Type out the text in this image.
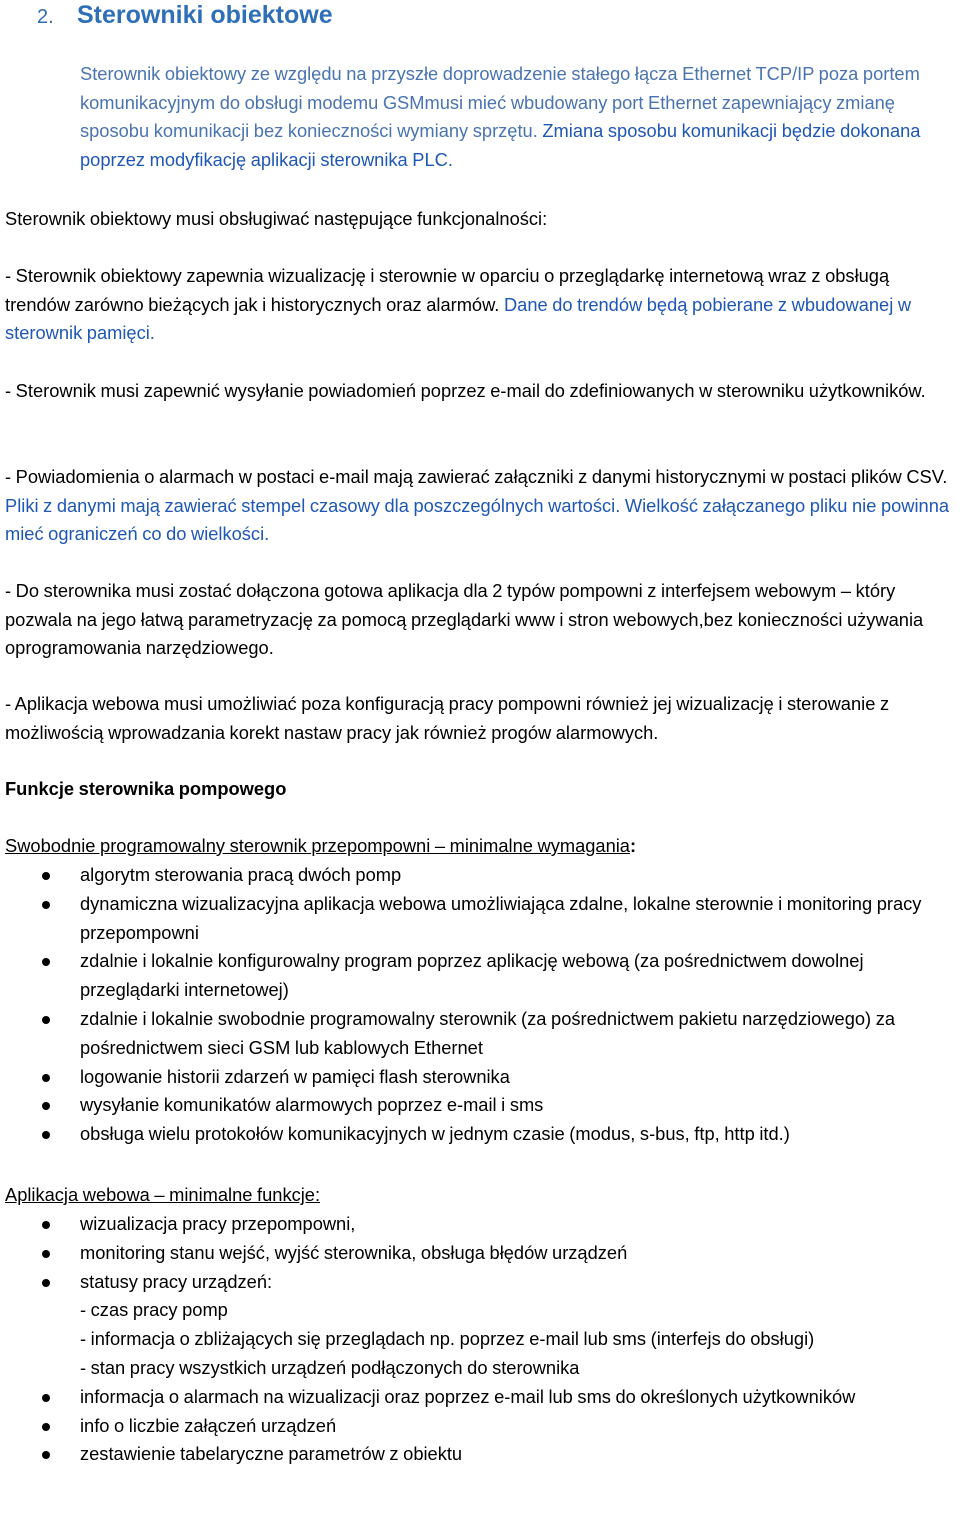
2. Sterowniki obiektowe
Sterownik obiektowy ze względu na przyszłe doprowadzenie stałego łącza Ethernet TCP/IP poza portem komunikacyjnym do obsługi modemu GSMmusi mieć wbudowany port Ethernet zapewniający zmianę sposobu komunikacji bez konieczności wymiany sprzętu. Zmiana sposobu komunikacji będzie dokonana poprzez modyfikację aplikacji sterownika PLC.
Sterownik obiektowy musi obsługiwać następujące funkcjonalności:
- Sterownik obiektowy zapewnia wizualizację i sterownie w oparciu o przeglądarkę internetową wraz z obsługą trendów zarówno bieżących jak i historycznych oraz alarmów. Dane do trendów będą pobierane z wbudowanej w sterownik pamięci.
- Sterownik musi zapewnić wysyłanie powiadomień poprzez e-mail do zdefiniowanych w sterowniku użytkowników.
- Powiadomienia o alarmach w postaci e-mail mają zawierać załączniki z danymi historycznymi w postaci plików CSV. Pliki z danymi mają zawierać stempel czasowy dla poszczególnych wartości. Wielkość załączanego pliku nie powinna mieć ograniczeń co do wielkości.
- Do sterownika musi zostać dołączona gotowa aplikacja dla 2 typów pompowni z interfejsem webowym – który pozwala na jego łatwą parametryzację za pomocą przeglądarki www i stron webowych,bez konieczności używania oprogramowania narzędziowego.
- Aplikacja webowa musi umożliwiać poza konfiguracją pracy pompowni również jej wizualizację i sterowanie z możliwością wprowadzania korekt nastaw pracy jak również progów alarmowych.
Funkcje sterownika pompowego
Swobodnie programowalny sterownik przepompowni – minimalne wymagania:
algorytm sterowania pracą dwóch pomp
dynamiczna wizualizacyjna aplikacja webowa umożliwiająca zdalne, lokalne sterownie i monitoring pracy przepompowni
zdalnie i lokalnie konfigurowalny program poprzez aplikację webową (za pośrednictwem dowolnej przeglądarki internetowej)
zdalnie i lokalnie swobodnie programowalny sterownik (za pośrednictwem pakietu narzędziowego) za pośrednictwem sieci GSM lub kablowych Ethernet
logowanie historii zdarzeń w pamięci flash sterownika
wysyłanie komunikatów alarmowych poprzez e-mail i sms
obsługa wielu protokołów komunikacyjnych w jednym czasie (modus, s-bus, ftp, http itd.)
Aplikacja webowa – minimalne funkcje:
wizualizacja pracy przepompowni,
monitoring stanu wejść, wyjść sterownika, obsługa błędów urządzeń
statusy pracy urządzeń:
- czas pracy pomp
- informacja o zbliżających się przeglądach np. poprzez e-mail lub sms (interfejs do obsługi)
- stan pracy wszystkich urządzeń podłączonych do sterownika
informacja o alarmach na wizualizacji oraz poprzez e-mail lub sms do określonych użytkowników
info o liczbie załączeń urządzeń
zestawienie tabelaryczne parametrów z obiektu
